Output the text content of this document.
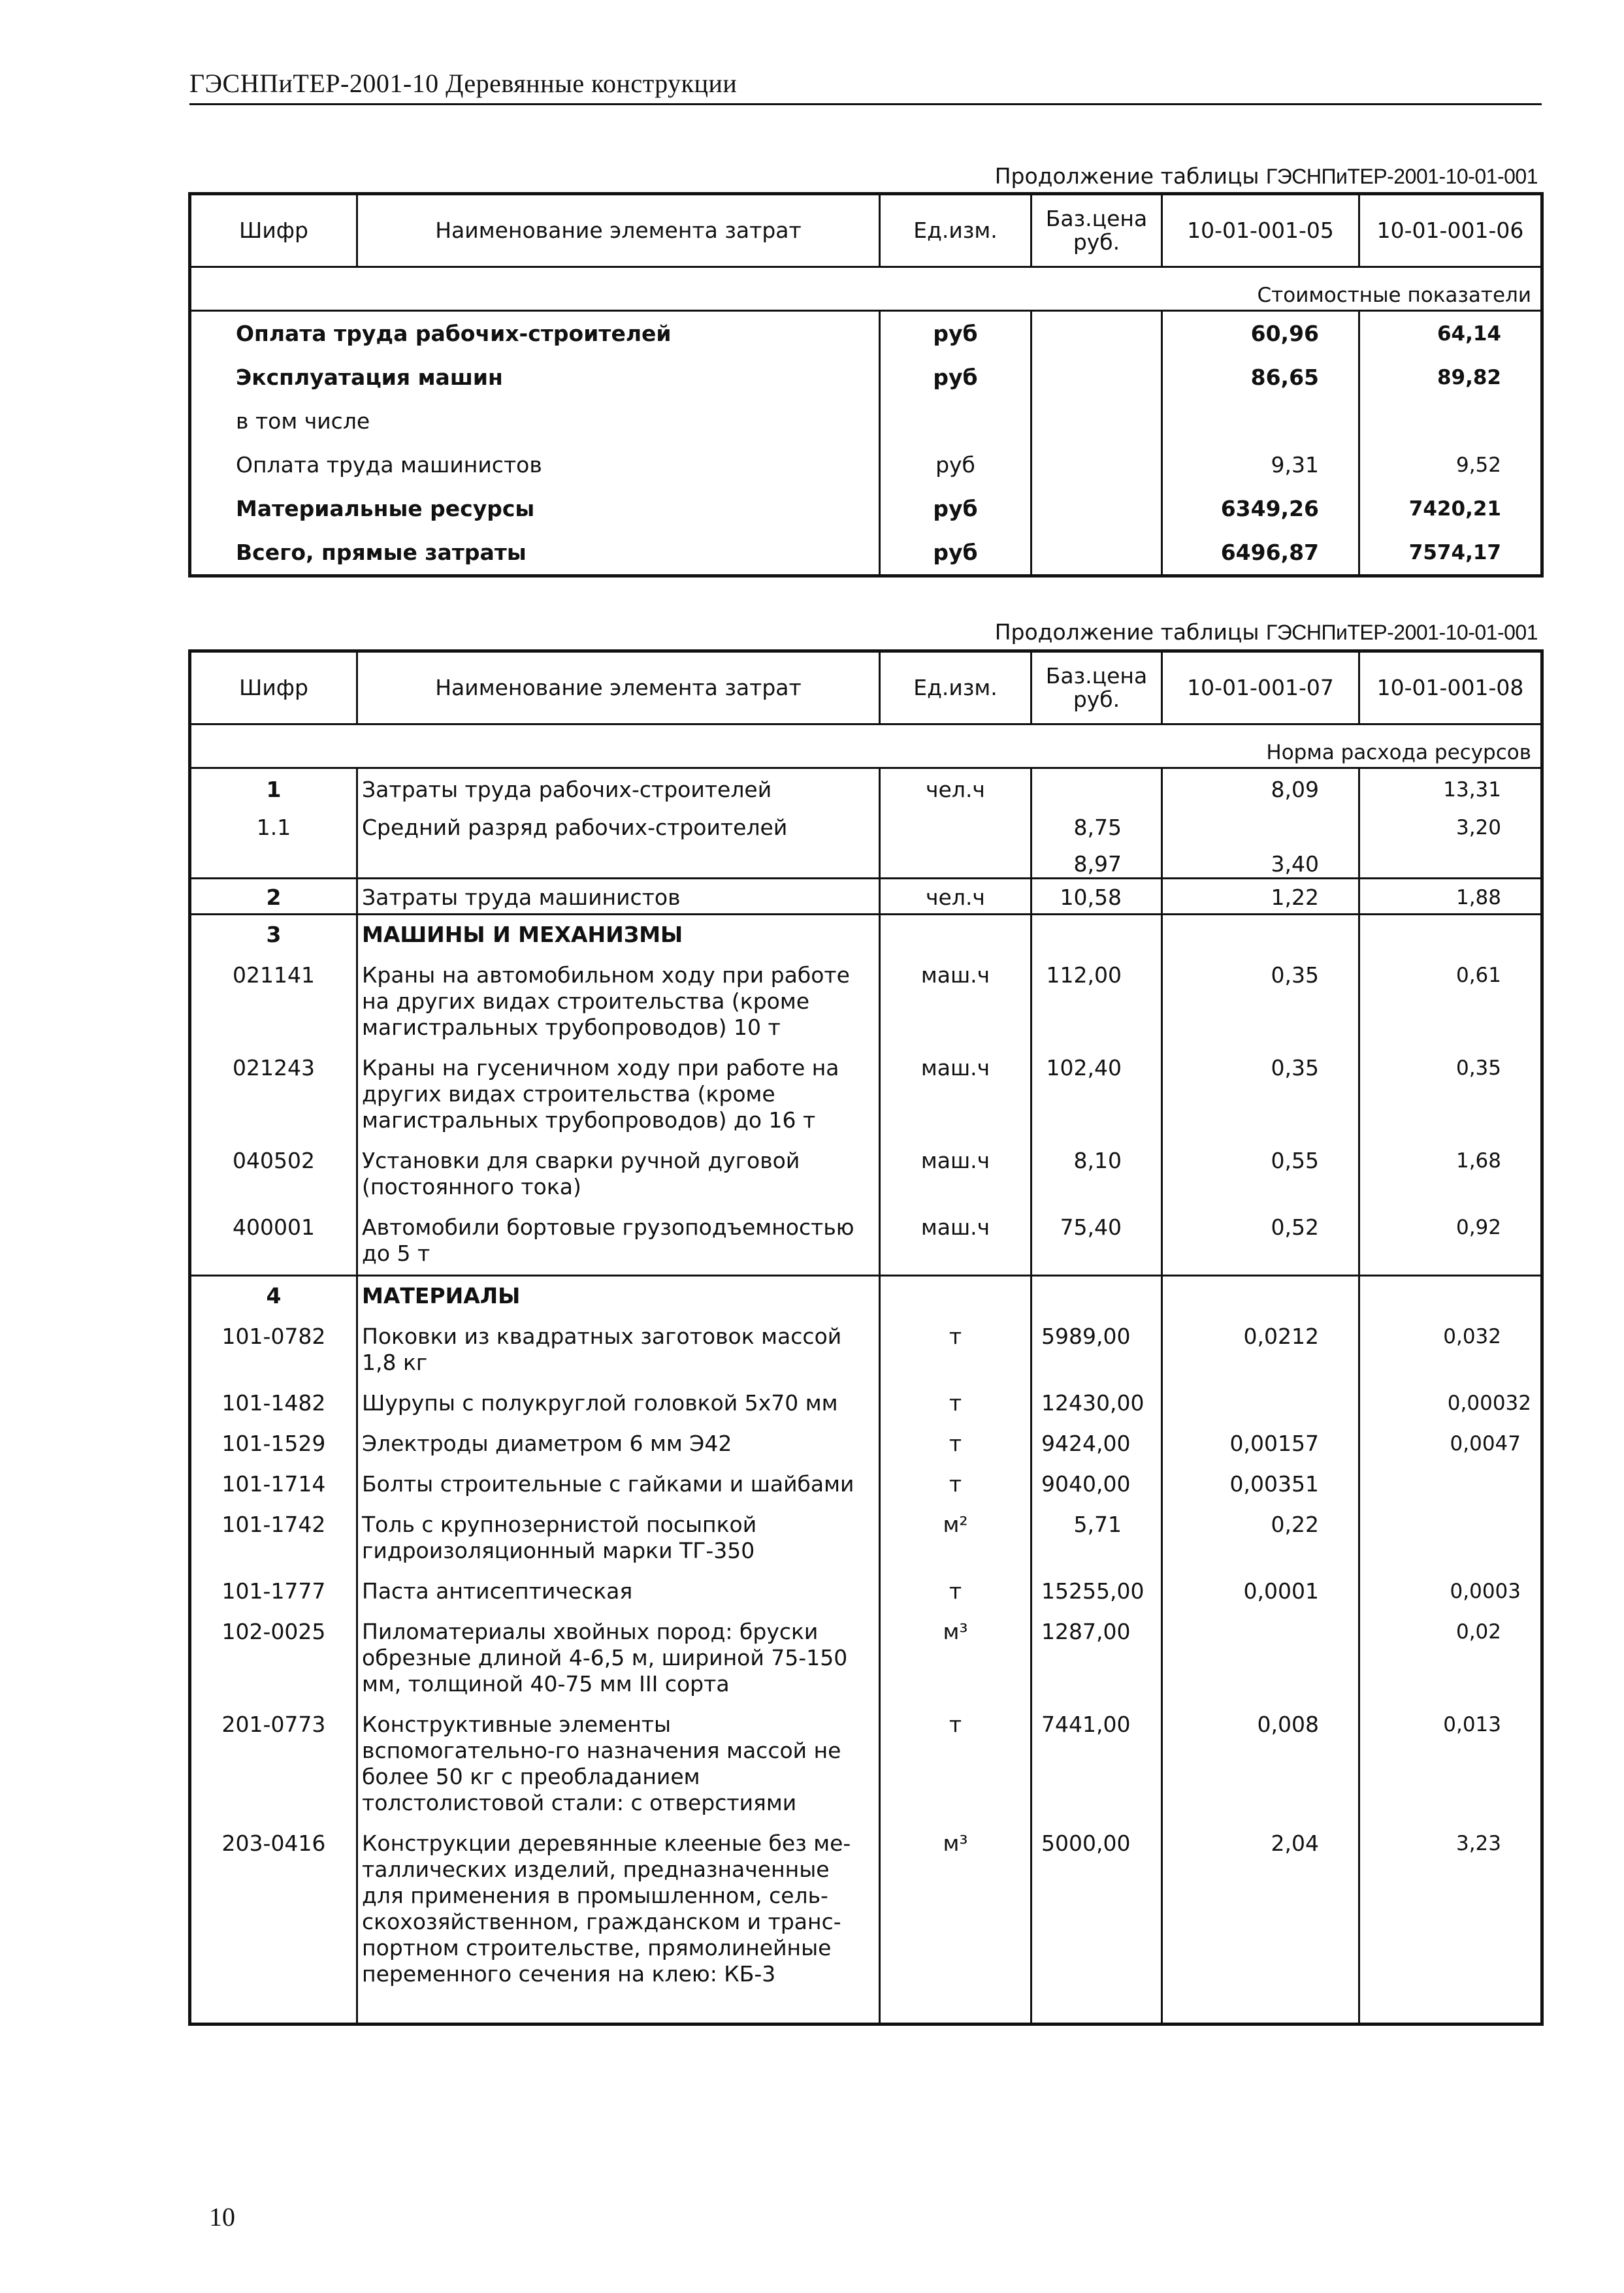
ГЭСНПиТЕР-2001-10 Деревянные конструкции
Продолжение таблицы ГЭСНПиТЕР-2001-10-01-001
Шифр	Наименование элемента затрат	Ед.изм.	Баз.цена руб.	10-01-001-05	10-01-001-06
Стоимостные показатели					
Оплата труда рабочих-строителей		руб		60,96	64,14
Эксплуатация машин		руб		86,65	89,82
в том числе					
Оплата труда машинистов		руб		9,31	9,52
Материальные ресурсы		руб		6349,26	7420,21
Всего, прямые затраты		руб		6496,87	7574,17
Продолжение таблицы ГЭСНПиТЕР-2001-10-01-001
Шифр	Наименование элемента затрат	Ед.изм.	Баз.цена руб.	10-01-001-07	10-01-001-08
Норма расхода ресурсов					
1	Затраты труда рабочих-строителей	чел.ч		8,09	13,31
1.1	Средний разряд рабочих-строителей		8,75		3,20
			8,97	3,40	
2	Затраты труда машинистов	чел.ч	10,58	1,22	1,88
3	МАШИНЫ И МЕХАНИЗМЫ				
021141	Краны на автомобильном ходу при работе на других видах строительства (кроме магистральных трубопроводов) 10 т	маш.ч	112,00	0,35	0,61
021243	Краны на гусеничном ходу при работе на других видах строительства (кроме магистральных трубопроводов) до 16 т	маш.ч	102,40	0,35	0,35
040502	Установки для сварки ручной дуговой (постоянного тока)	маш.ч	8,10	0,55	1,68
400001	Автомобили бортовые грузоподъемностью до 5 т	маш.ч	75,40	0,52	0,92
4	МАТЕРИАЛЫ				
101-0782	Поковки из квадратных заготовок массой 1,8 кг	т	5989,00	0,0212	0,032
101-1482	Шурупы с полукруглой головкой 5x70 мм	т	12430,00		0,00032
101-1529	Электроды диаметром 6 мм Э42	т	9424,00	0,00157	0,0047
101-1714	Болты строительные с гайками и шайбами	т	9040,00	0,00351	
101-1742	Толь с крупнозернистой посыпкой гидроизоляционный марки ТГ-350	м²	5,71	0,22	
101-1777	Паста антисептическая	т	15255,00	0,0001	0,0003
102-0025	Пиломатериалы хвойных пород: бруски обрезные длиной 4-6,5 м, шириной 75-150 мм, толщиной 40-75 мм III сорта	м³	1287,00		0,02
201-0773	Конструктивные элементы вспомогательно-го назначения массой не более 50 кг с преобладанием толстолистовой стали: с отверстиями	т	7441,00	0,008	0,013
203-0416	Конструкции деревянные клееные без ме-таллических изделий, предназначенные для применения в промышленном, сель-скохозяйственном, гражданском и транс-портном строительстве, прямолинейные переменного сечения на клею: КБ-3	м³	5000,00	2,04	3,23
10
